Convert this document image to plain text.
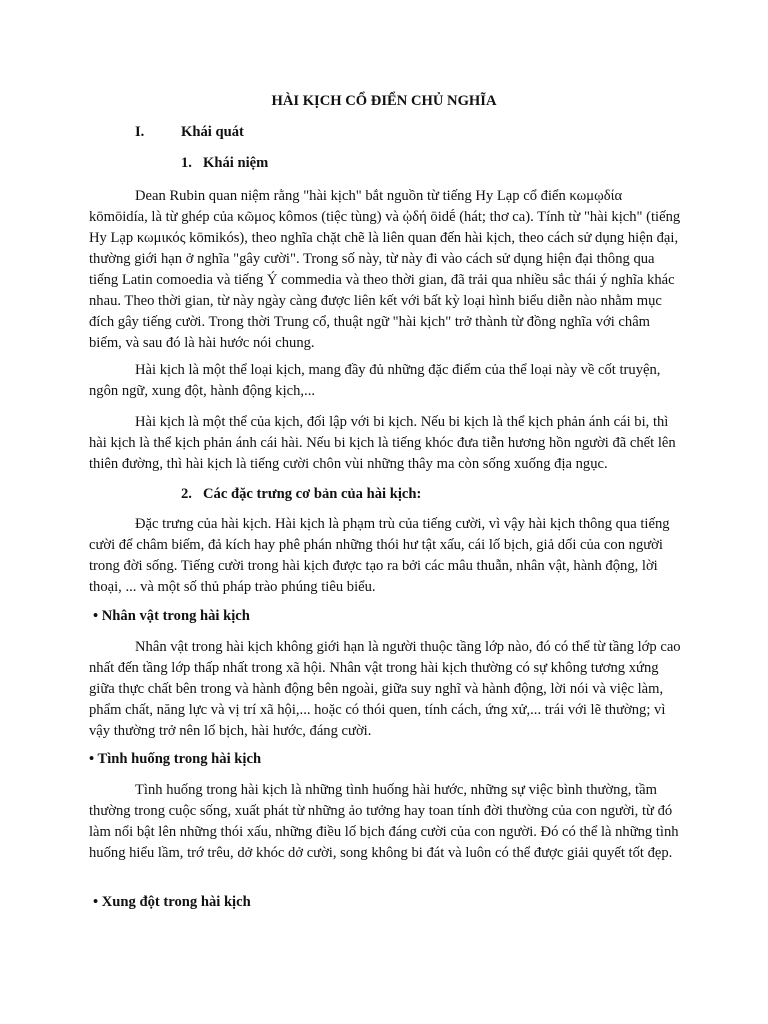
HÀI KỊCH CỔ ĐIỂN CHỦ NGHĨA

I.	Khái quát

1. Khái niệm

Dean Rubin quan niệm rằng "hài kịch" bắt nguồn từ tiếng Hy Lạp cổ điển κωμῳδία kōmōidía, là từ ghép của κῶμος kômos (tiệc tùng) và ᾠδή ōidḗ (hát; thơ ca). Tính từ "hài kịch" (tiếng Hy Lạp κωμικός kōmikós), theo nghĩa chặt chẽ là liên quan đến hài kịch, theo cách sử dụng hiện đại, thường giới hạn ở nghĩa "gây cười". Trong số này, từ này đi vào cách sử dụng hiện đại thông qua tiếng Latin comoedia và tiếng Ý commedia và theo thời gian, đã trải qua nhiều sắc thái ý nghĩa khác nhau. Theo thời gian, từ này ngày càng được liên kết với bất kỳ loại hình biểu diễn nào nhằm mục đích gây tiếng cười. Trong thời Trung cổ, thuật ngữ "hài kịch" trở thành từ đồng nghĩa với châm biếm, và sau đó là hài hước nói chung.

Hài kịch là một thể loại kịch, mang đầy đủ những đặc điểm của thể loại này về cốt truyện, ngôn ngữ, xung đột, hành động kịch,...

Hài kịch là một thể của kịch, đối lập với bi kịch. Nếu bi kịch là thể kịch phản ánh cái bi, thì hài kịch là thể kịch phản ánh cái hài. Nếu bi kịch là tiếng khóc đưa tiễn hương hồn người đã chết lên thiên đường, thì hài kịch là tiếng cười chôn vùi những thây ma còn sống xuống địa ngục.

2. Các đặc trưng cơ bản của hài kịch:

Đặc trưng của hài kịch. Hài kịch là phạm trù của tiếng cười, vì vậy hài kịch thông qua tiếng cười để châm biếm, đả kích hay phê phán những thói hư tật xấu, cái lố bịch, giả dối của con người trong đời sống. Tiếng cười trong hài kịch được tạo ra bởi các mâu thuẫn, nhân vật, hành động, lời thoại, ... và một số thủ pháp trào phúng tiêu biểu.

• Nhân vật trong hài kịch

Nhân vật trong hài kịch không giới hạn là người thuộc tầng lớp nào, đó có thể từ tầng lớp cao nhất đến tầng lớp thấp nhất trong xã hội. Nhân vật trong hài kịch thường có sự không tương xứng giữa thực chất bên trong và hành động bên ngoài, giữa suy nghĩ và hành động, lời nói và việc làm, phẩm chất, năng lực và vị trí xã hội,... hoặc có thói quen, tính cách, ứng xử,... trái với lẽ thường; vì vậy thường trở nên lố bịch, hài hước, đáng cười.

• Tình huống trong hài kịch

Tình huống trong hài kịch là những tình huống hài hước, những sự việc bình thường, tầm thường trong cuộc sống, xuất phát từ những ảo tưởng hay toan tính đời thường của con người, từ đó làm nổi bật lên những thói xấu, những điều lố bịch đáng cười của con người. Đó có thể là những tình huống hiểu lầm, trớ trêu, dở khóc dở cười, song không bi đát và luôn có thể được giải quyết tốt đẹp.

• Xung đột trong hài kịch
